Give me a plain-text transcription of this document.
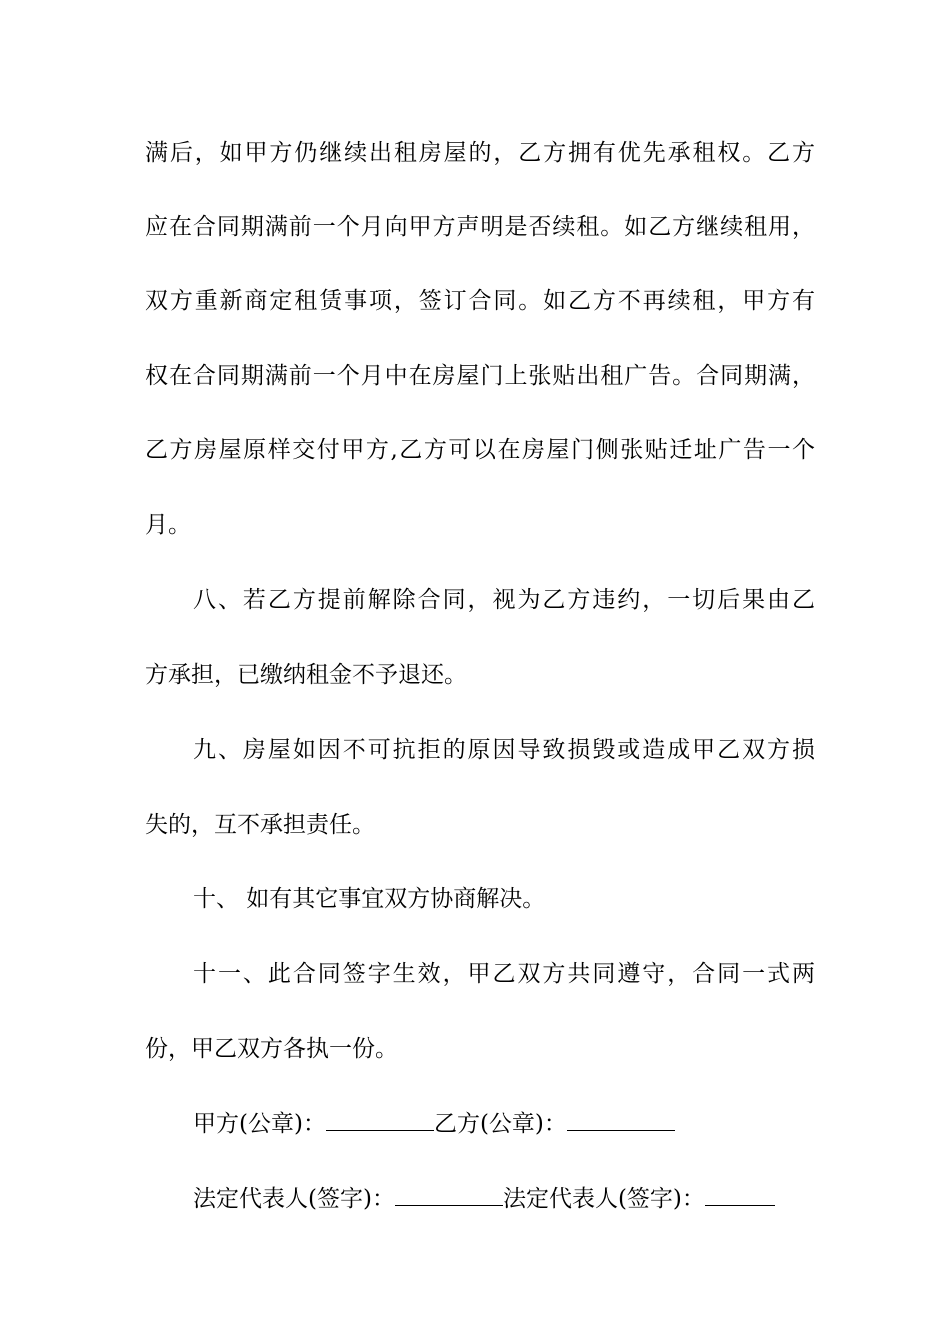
满后，如甲方仍继续出租房屋的，乙方拥有优先承租权。乙方
应在合同期满前一个月向甲方声明是否续租。如乙方继续租用，
双方重新商定租赁事项，签订合同。如乙方不再续租，甲方有
权在合同期满前一个月中在房屋门上张贴出租广告。合同期满，
乙方房屋原样交付甲方,乙方可以在房屋门侧张贴迁址广告一个
月。
八、若乙方提前解除合同，视为乙方违约，一切后果由乙
方承担，已缴纳租金不予退还。
九、房屋如因不可抗拒的原因导致损毁或造成甲乙双方损
失的，互不承担责任。
十、 如有其它事宜双方协商解决。
十一、此合同签字生效，甲乙双方共同遵守，合同一式两
份，甲乙双方各执一份。
甲方(公章)：	乙方(公章)：
法定代表人(签字)：	法定代表人(签字)：
